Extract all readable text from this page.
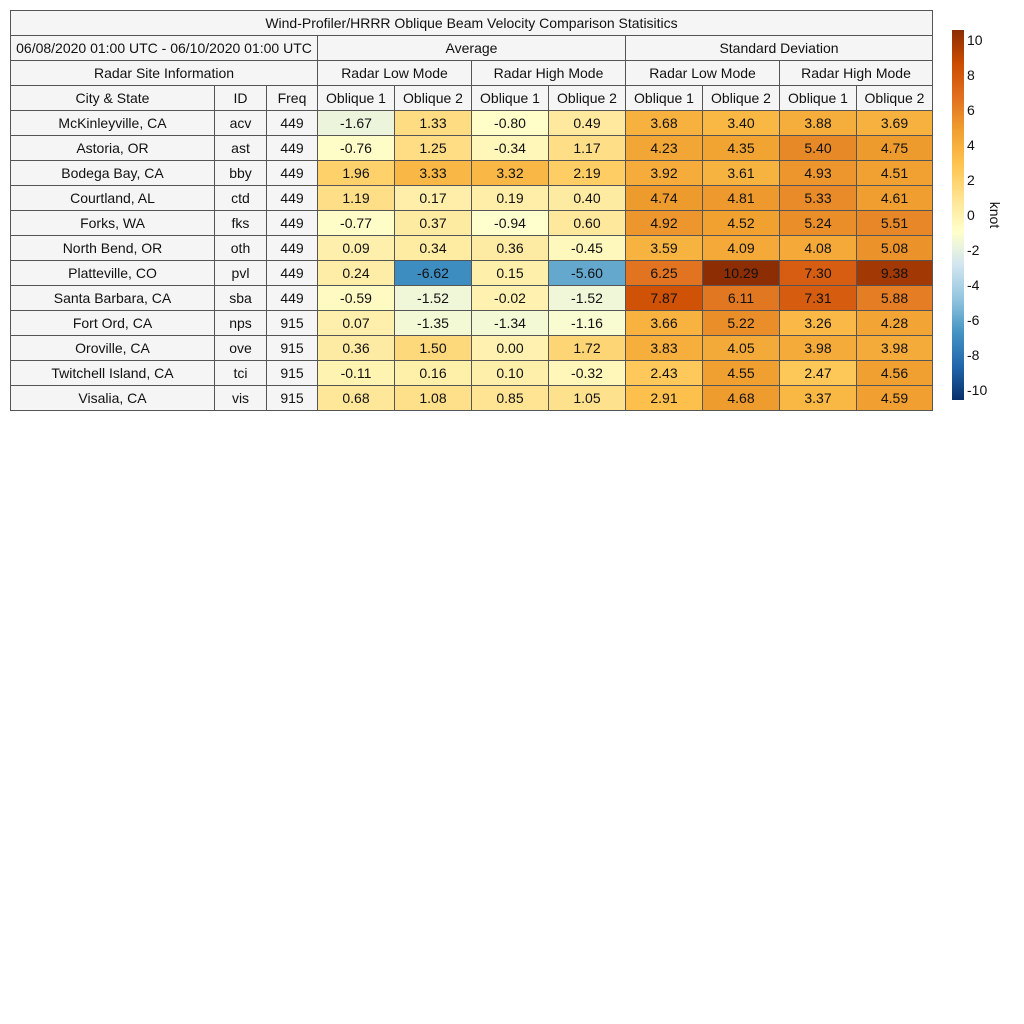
Wind-Profiler/HRRR Oblique Beam Velocity Comparison Statisitics										
06/08/2020 01:00 UTC - 06/10/2020 01:00 UTC			Average				Standard Deviation			
Radar Site Information			Radar Low Mode		Radar High Mode		Radar Low Mode		Radar High Mode	
City & State	ID	Freq	Oblique 1	Oblique 2	Oblique 1	Oblique 2	Oblique 1	Oblique 2	Oblique 1	Oblique 2
McKinleyville, CA	acv	449	-1.67	1.33	-0.80	0.49	3.68	3.40	3.88	3.69
Astoria, OR	ast	449	-0.76	1.25	-0.34	1.17	4.23	4.35	5.40	4.75
Bodega Bay, CA	bby	449	1.96	3.33	3.32	2.19	3.92	3.61	4.93	4.51
Courtland, AL	ctd	449	1.19	0.17	0.19	0.40	4.74	4.81	5.33	4.61
Forks, WA	fks	449	-0.77	0.37	-0.94	0.60	4.92	4.52	5.24	5.51
North Bend, OR	oth	449	0.09	0.34	0.36	-0.45	3.59	4.09	4.08	5.08
Platteville, CO	pvl	449	0.24	-6.62	0.15	-5.60	6.25	10.29	7.30	9.38
Santa Barbara, CA	sba	449	-0.59	-1.52	-0.02	-1.52	7.87	6.11	7.31	5.88
Fort Ord, CA	nps	915	0.07	-1.35	-1.34	-1.16	3.66	5.22	3.26	4.28
Oroville, CA	ove	915	0.36	1.50	0.00	1.72	3.83	4.05	3.98	3.98
Twitchell Island, CA	tci	915	-0.11	0.16	0.10	-0.32	2.43	4.55	2.47	4.56
Visalia, CA	vis	915	0.68	1.08	0.85	1.05	2.91	4.68	3.37	4.59
10
8
6
4
2
0
-2
-4
-6
-8
-10
knot
